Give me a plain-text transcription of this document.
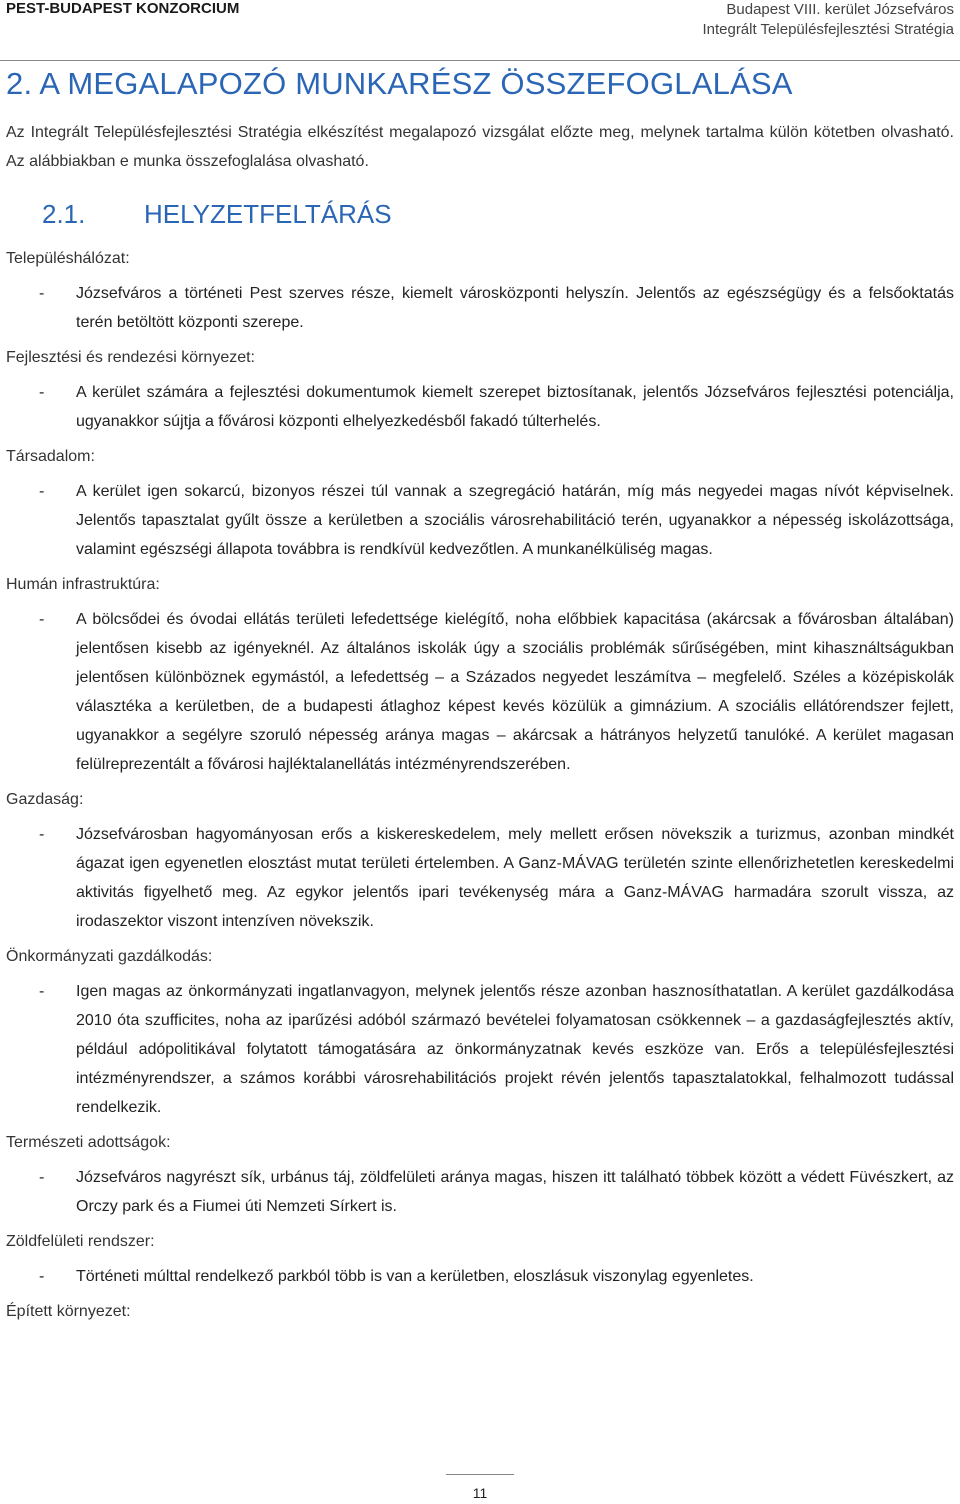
PEST-BUDAPEST KONZORCIUM	Budapest VIII. kerület Józsefváros
Integrált Településfejlesztési Stratégia
2. A MEGALAPOZÓ MUNKARÉSZ ÖSSZEFOGLALÁSA
Az Integrált Településfejlesztési Stratégia elkészítést megalapozó vizsgálat előzte meg, melynek tartalma külön kötetben olvasható. Az alábbiakban e munka összefoglalása olvasható.
2.1. HELYZETFELTÁRÁS
Településhálózat:
- Józsefváros a történeti Pest szerves része, kiemelt városközponti helyszín. Jelentős az egészségügy és a felsőoktatás terén betöltött központi szerepe.
Fejlesztési és rendezési környezet:
- A kerület számára a fejlesztési dokumentumok kiemelt szerepet biztosítanak, jelentős Józsefváros fejlesztési potenciálja, ugyanakkor sújtja a fővárosi központi elhelyezkedésből fakadó túlterhelés.
Társadalom:
- A kerület igen sokarcú, bizonyos részei túl vannak a szegregáció határán, míg más negyedei magas nívót képviselnek. Jelentős tapasztalat gyűlt össze a kerületben a szociális városrehabilitáció terén, ugyanakkor a népesség iskolázottsága, valamint egészségi állapota továbbra is rendkívül kedvezőtlen. A munkanélküliség magas.
Humán infrastruktúra:
- A bölcsődei és óvodai ellátás területi lefedettsége kielégítő, noha előbbiek kapacitása (akárcsak a fővárosban általában) jelentősen kisebb az igényeknél. Az általános iskolák úgy a szociális problémák sűrűségében, mint kihasználtságukban jelentősen különböznek egymástól, a lefedettség – a Százados negyedet leszámítva – megfelelő. Széles a középiskolák választéka a kerületben, de a budapesti átlaghoz képest kevés közülük a gimnázium. A szociális ellátórendszer fejlett, ugyanakkor a segélyre szoruló népesség aránya magas – akárcsak a hátrányos helyzetű tanulóké. A kerület magasan felülreprezentált a fővárosi hajléktalanellátás intézményrendszerében.
Gazdaság:
- Józsefvárosban hagyományosan erős a kiskereskedelem, mely mellett erősen növekszik a turizmus, azonban mindkét ágazat igen egyenetlen elosztást mutat területi értelemben. A Ganz-MÁVAG területén szinte ellenőrizhetetlen kereskedelmi aktivitás figyelhető meg. Az egykor jelentős ipari tevékenység mára a Ganz-MÁVAG harmadára szorult vissza, az irodaszektor viszont intenzíven növekszik.
Önkormányzati gazdálkodás:
- Igen magas az önkormányzati ingatlanvagyon, melynek jelentős része azonban hasznosíthatatlan. A kerület gazdálkodása 2010 óta szufficites, noha az iparűzési adóból származó bevételei folyamatosan csökkennek – a gazdaságfejlesztés aktív, például adópolitikával folytatott támogatására az önkormányzatnak kevés eszköze van. Erős a településfejlesztési intézményrendszer, a számos korábbi városrehabilitációs projekt révén jelentős tapasztalatokkal, felhalmozott tudással rendelkezik.
Természeti adottságok:
- Józsefváros nagyrészt sík, urbánus táj, zöldfelületi aránya magas, hiszen itt található többek között a védett Füvészkert, az Orczy park és a Fiumei úti Nemzeti Sírkert is.
Zöldfelületi rendszer:
- Történeti múlttal rendelkező parkból több is van a kerületben, eloszlásuk viszonylag egyenletes.
Épített környezet:
11
